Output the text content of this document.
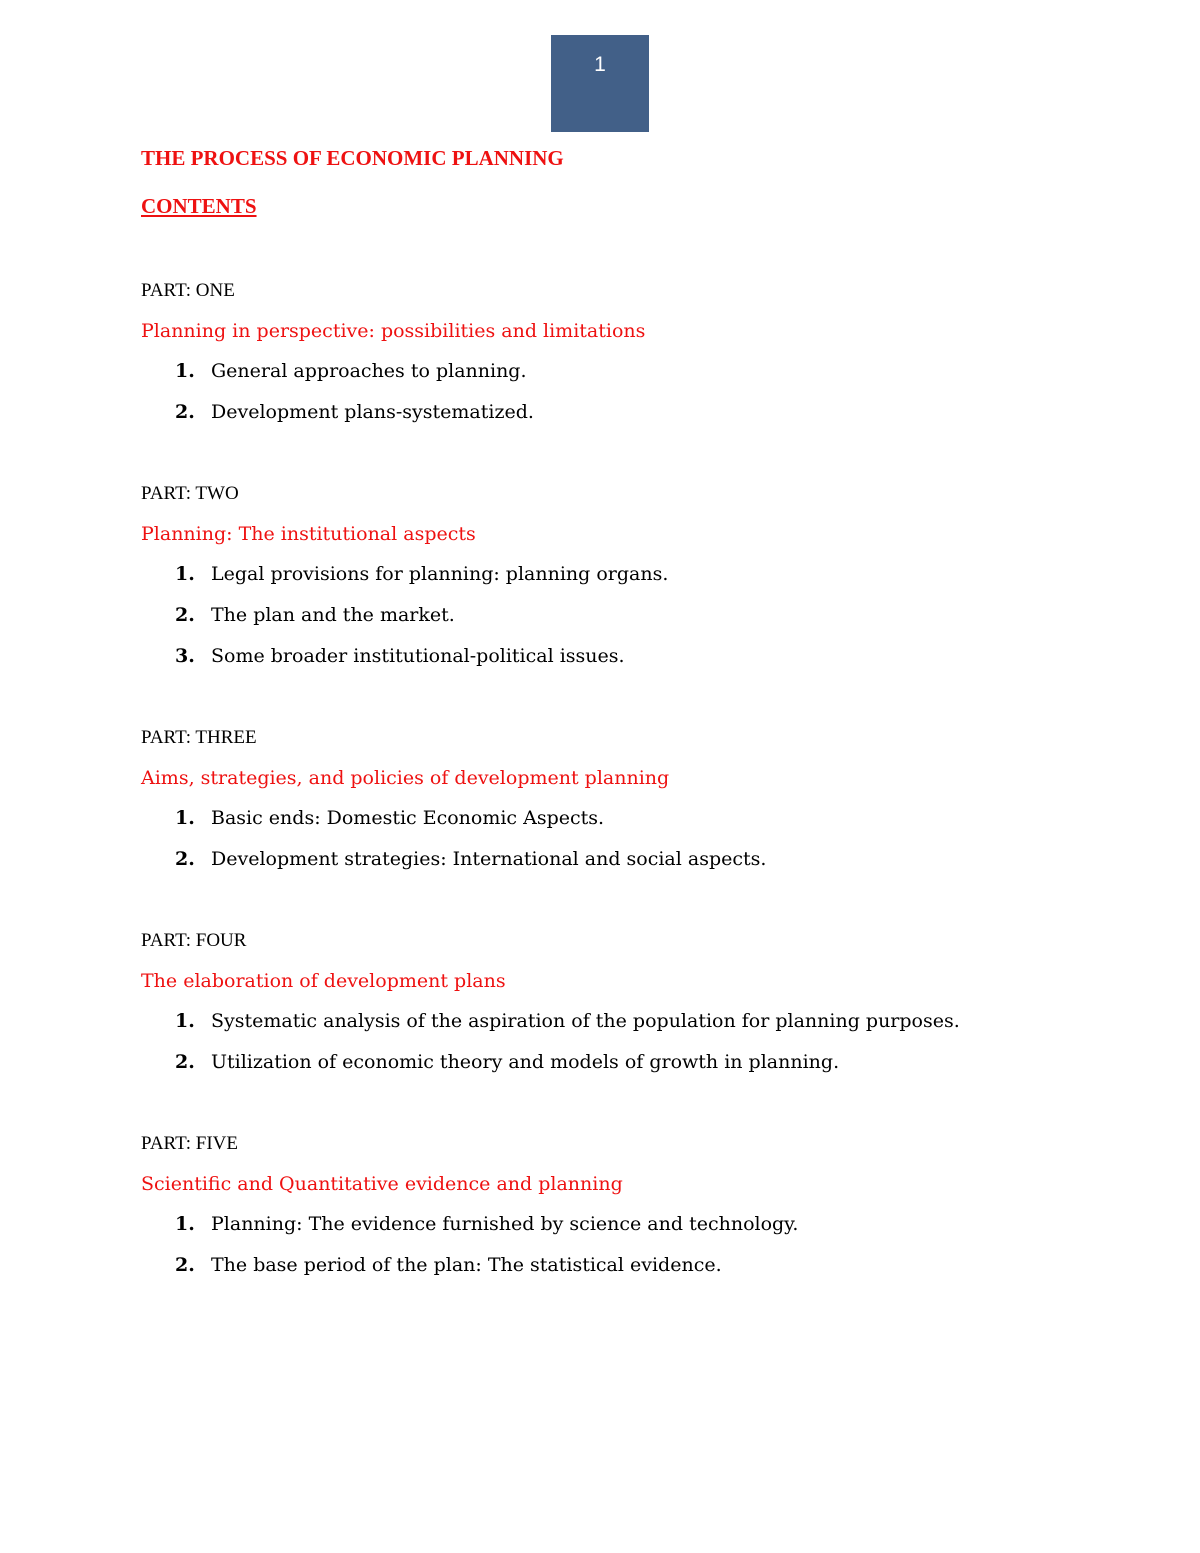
1
THE PROCESS OF ECONOMIC PLANNING
CONTENTS
PART: ONE
Planning in perspective: possibilities and limitations
1. General approaches to planning.
2. Development plans-systematized.
PART: TWO
Planning: The institutional aspects
1. Legal provisions for planning: planning organs.
2. The plan and the market.
3. Some broader institutional-political issues.
PART: THREE
Aims, strategies, and policies of development planning
1. Basic ends: Domestic Economic Aspects.
2. Development strategies: International and social aspects.
PART: FOUR
The elaboration of development plans
1. Systematic analysis of the aspiration of the population for planning purposes.
2. Utilization of economic theory and models of growth in planning.
PART: FIVE
Scientific and Quantitative evidence and planning
1. Planning: The evidence furnished by science and technology.
2. The base period of the plan: The statistical evidence.
